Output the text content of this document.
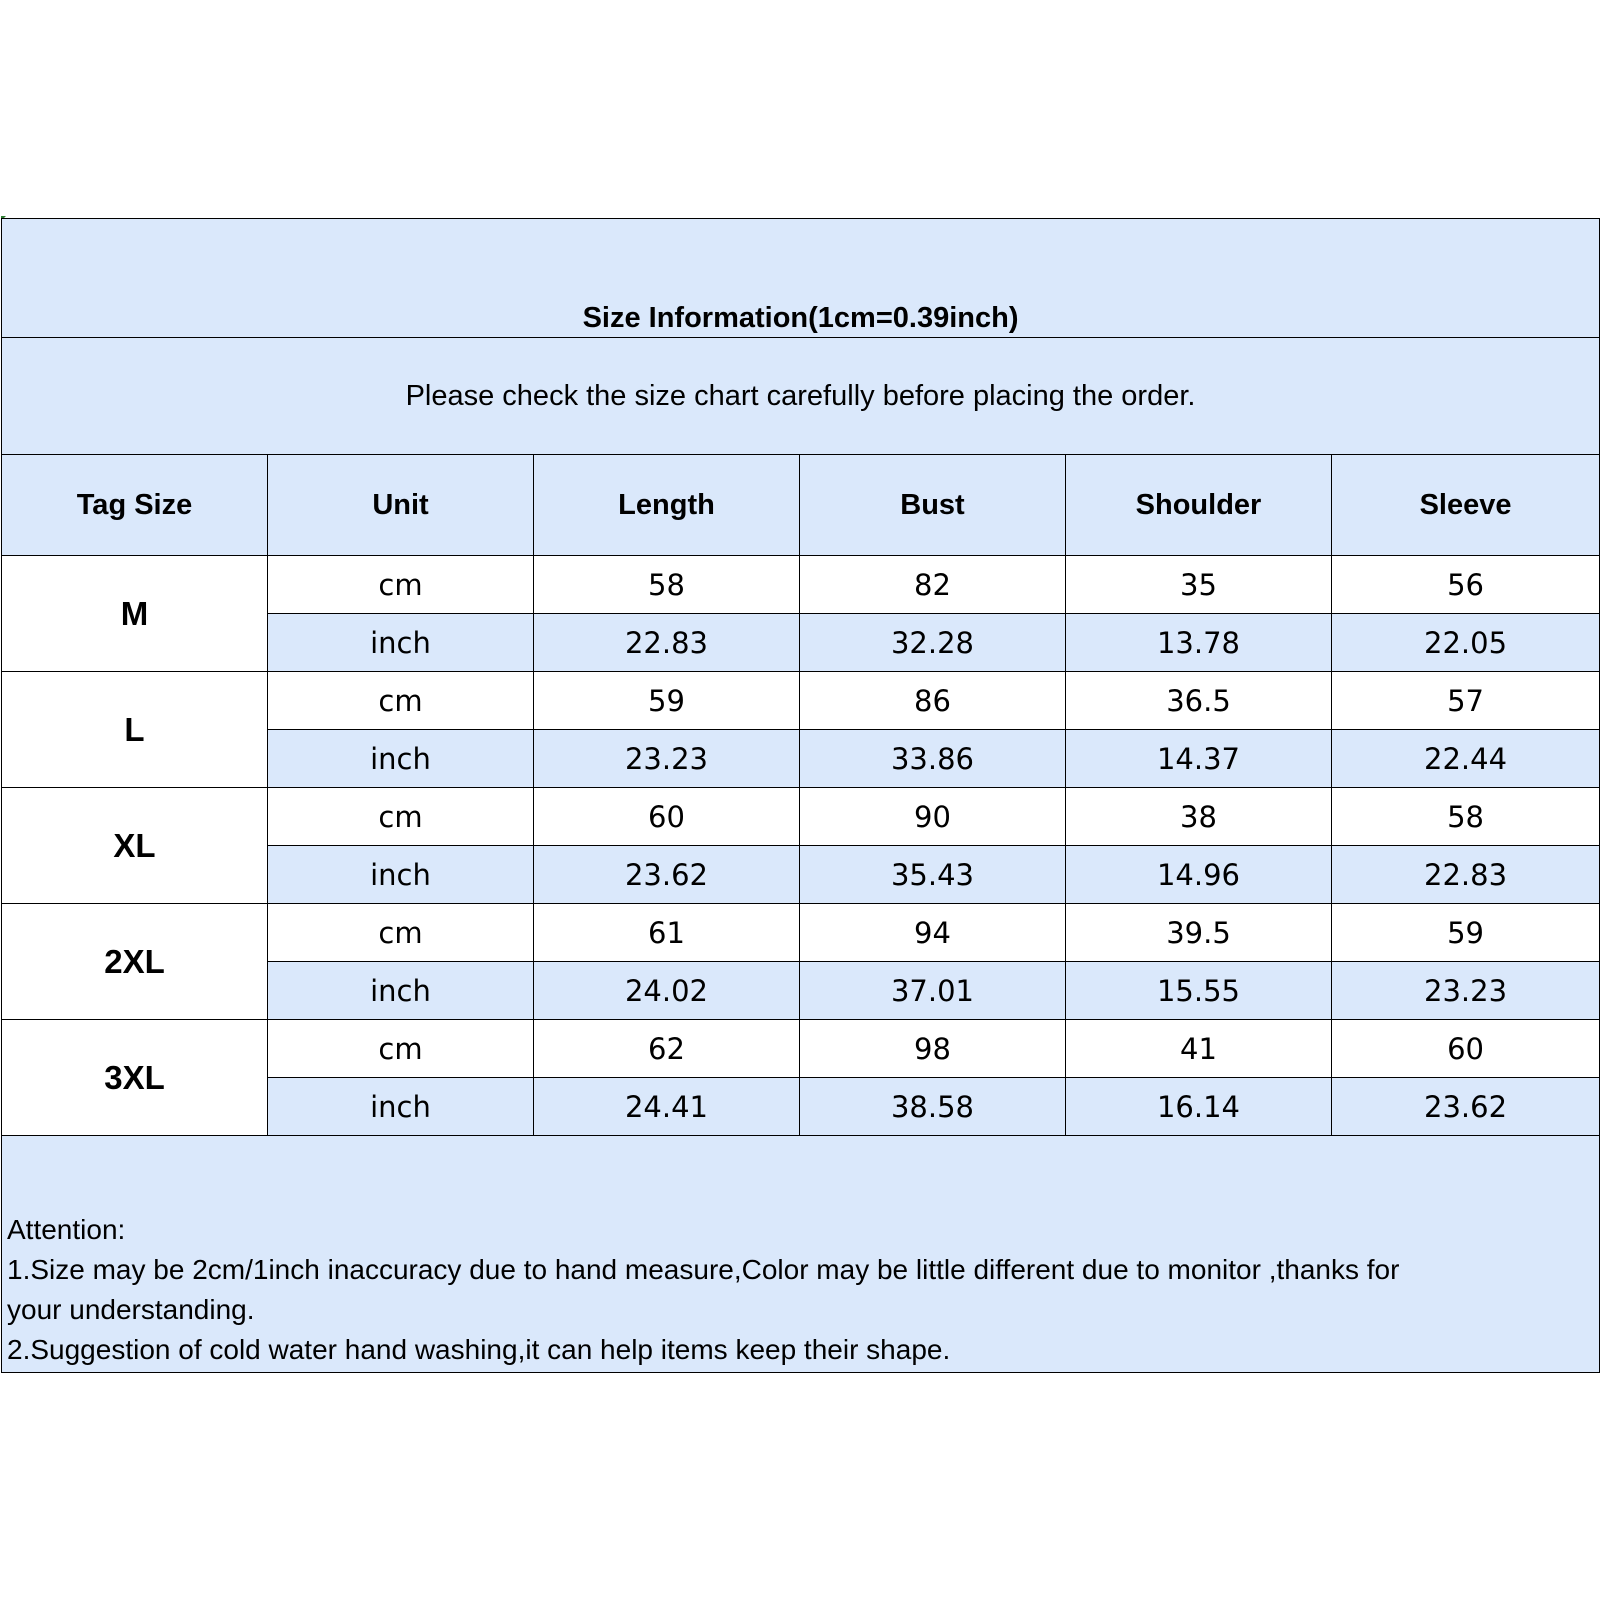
Size Information(1cm=0.39inch)					
Please check the size chart carefully before placing the order.					
Tag Size	Unit	Length	Bust	Shoulder	Sleeve
M	cm	58	82	35	56
	inch	22.83	32.28	13.78	22.05
L	cm	59	86	36.5	57
	inch	23.23	33.86	14.37	22.44
XL	cm	60	90	38	58
	inch	23.62	35.43	14.96	22.83
2XL	cm	61	94	39.5	59
	inch	24.02	37.01	15.55	23.23
3XL	cm	62	98	41	60
	inch	24.41	38.58	16.14	23.62

Attention:
1.Size may be 2cm/1inch inaccuracy due to hand measure,Color may be little different due to monitor ,thanks for
your understanding.
2.Suggestion of cold water hand washing,it can help items keep their shape.					
